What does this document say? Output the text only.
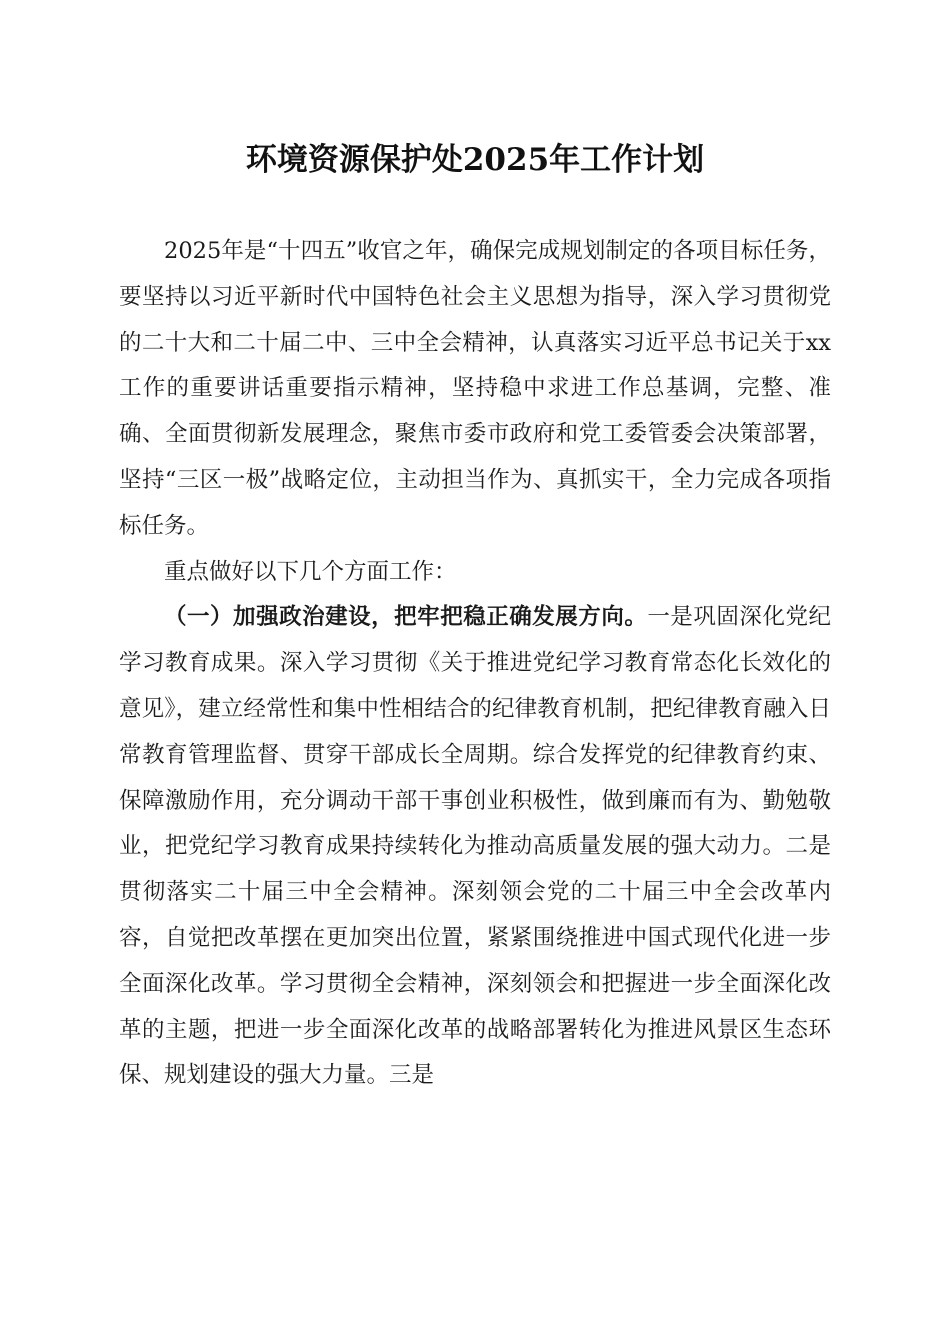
环境资源保护处2025年工作计划

2025年是“十四五”收官之年，确保完成规划制定的各项目标任务，要坚持以习近平新时代中国特色社会主义思想为指导，深入学习贯彻党的二十大和二十届二中、三中全会精神，认真落实习近平总书记关于xx工作的重要讲话重要指示精神，坚持稳中求进工作总基调，完整、准确、全面贯彻新发展理念，聚焦市委市政府和党工委管委会决策部署，坚持“三区一极”战略定位，主动担当作为、真抓实干，全力完成各项指标任务。

重点做好以下几个方面工作：

（一）加强政治建设，把牢把稳正确发展方向。一是巩固深化党纪学习教育成果。深入学习贯彻《关于推进党纪学习教育常态化长效化的意见》，建立经常性和集中性相结合的纪律教育机制，把纪律教育融入日常教育管理监督、贯穿干部成长全周期。综合发挥党的纪律教育约束、保障激励作用，充分调动干部干事创业积极性，做到廉而有为、勤勉敬业，把党纪学习教育成果持续转化为推动高质量发展的强大动力。二是贯彻落实二十届三中全会精神。深刻领会党的二十届三中全会改革内容，自觉把改革摆在更加突出位置，紧紧围绕推进中国式现代化进一步全面深化改革。学习贯彻全会精神，深刻领会和把握进一步全面深化改革的主题，把进一步全面深化改革的战略部署转化为推进风景区生态环保、规划建设的强大力量。三是
